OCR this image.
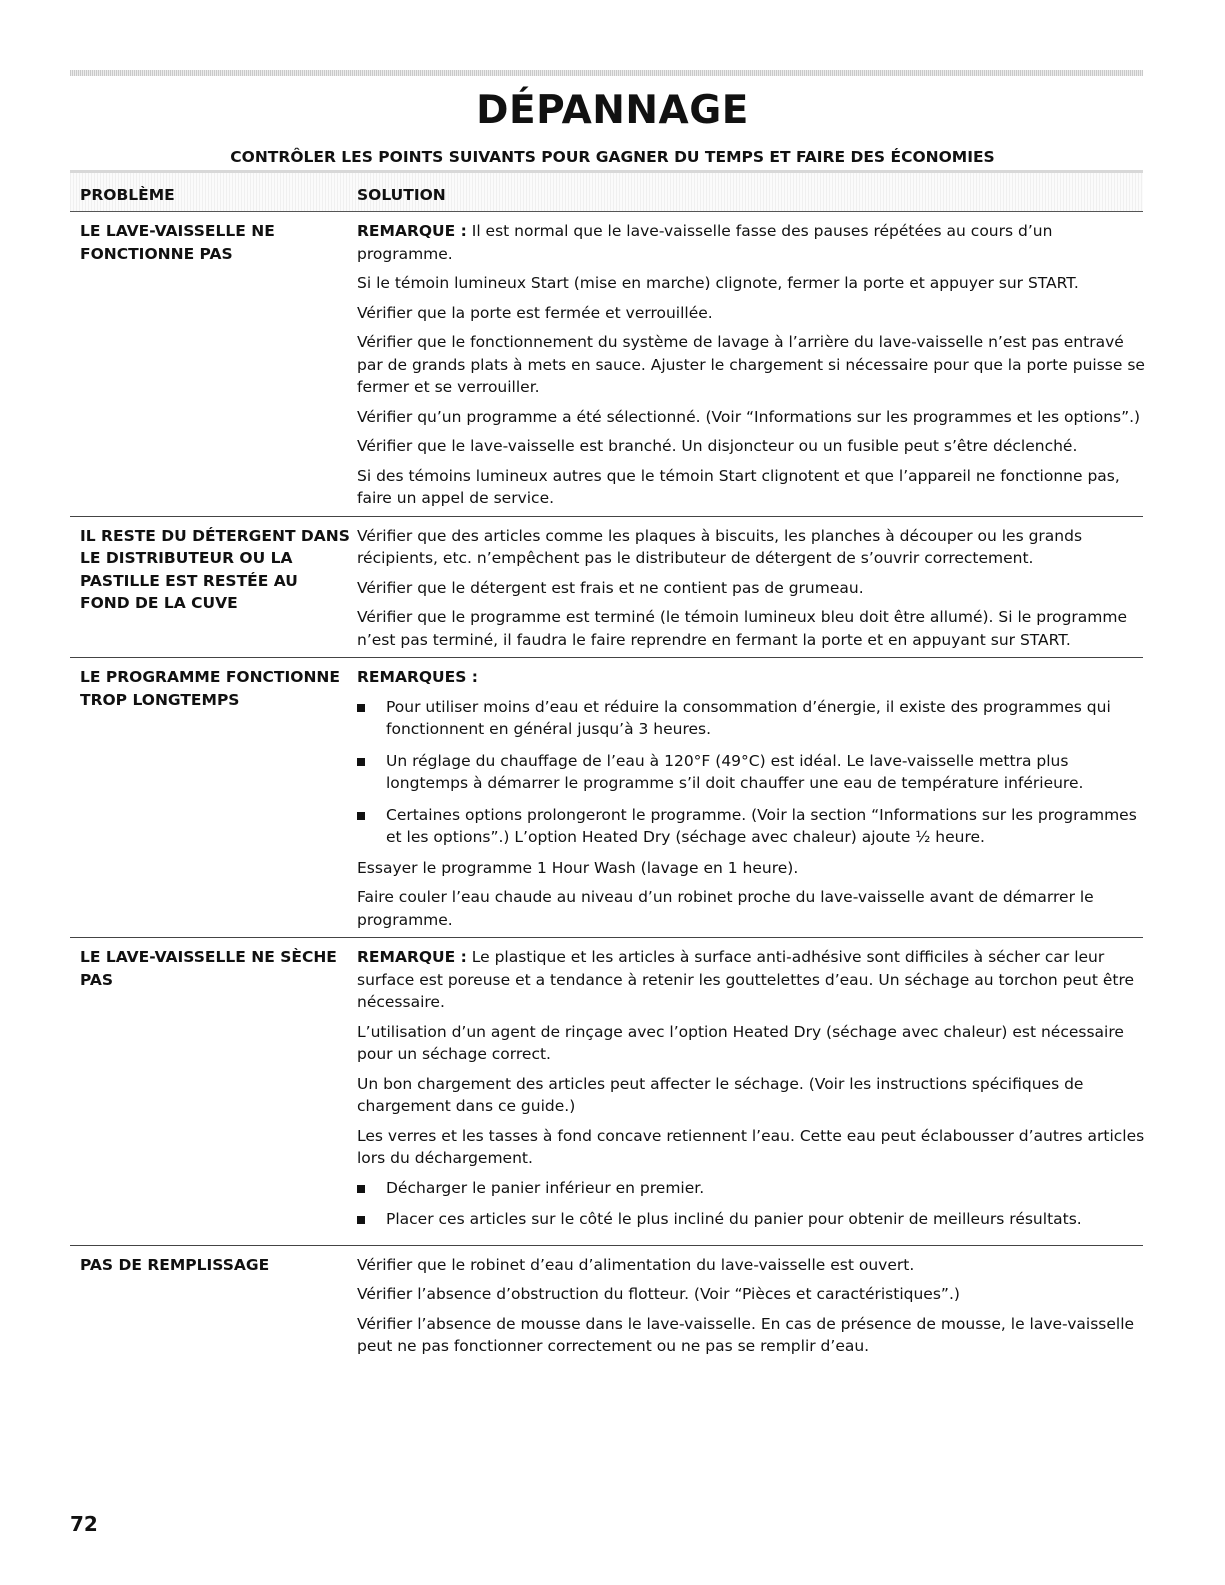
DÉPANNAGE
CONTRÔLER LES POINTS SUIVANTS POUR GAGNER DU TEMPS ET FAIRE DES ÉCONOMIES
PROBLÈME	SOLUTION
LE LAVE-VAISSELLE NE FONCTIONNE PAS

REMARQUE : Il est normal que le lave-vaisselle fasse des pauses répétées au cours d’un programme.

Si le témoin lumineux Start (mise en marche) clignote, fermer la porte et appuyer sur START.

Vérifier que la porte est fermée et verrouillée.

Vérifier que le fonctionnement du système de lavage à l’arrière du lave-vaisselle n’est pas entravé par de grands plats à mets en sauce. Ajuster le chargement si nécessaire pour que la porte puisse se fermer et se verrouiller.

Vérifier qu’un programme a été sélectionné. (Voir “Informations sur les programmes et les options”.)

Vérifier que le lave-vaisselle est branché. Un disjoncteur ou un fusible peut s’être déclenché.

Si des témoins lumineux autres que le témoin Start clignotent et que l’appareil ne fonctionne pas, faire un appel de service.

IL RESTE DU DÉTERGENT DANS LE DISTRIBUTEUR OU LA PASTILLE EST RESTÉE AU FOND DE LA CUVE

Vérifier que des articles comme les plaques à biscuits, les planches à découper ou les grands récipients, etc. n’empêchent pas le distributeur de détergent de s’ouvrir correctement.

Vérifier que le détergent est frais et ne contient pas de grumeau.

Vérifier que le programme est terminé (le témoin lumineux bleu doit être allumé). Si le programme n’est pas terminé, il faudra le faire reprendre en fermant la porte et en appuyant sur START.

LE PROGRAMME FONCTIONNE TROP LONGTEMPS

REMARQUES :

Pour utiliser moins d’eau et réduire la consommation d’énergie, il existe des programmes qui fonctionnent en général jusqu’à 3 heures.
Un réglage du chauffage de l’eau à 120°F (49°C) est idéal. Le lave-vaisselle mettra plus longtemps à démarrer le programme s’il doit chauffer une eau de température inférieure.
Certaines options prolongeront le programme. (Voir la section “Informations sur les programmes et les options”.) L’option Heated Dry (séchage avec chaleur) ajoute ½ heure.

Essayer le programme 1 Hour Wash (lavage en 1 heure).

Faire couler l’eau chaude au niveau d’un robinet proche du lave-vaisselle avant de démarrer le programme.

LE LAVE-VAISSELLE NE SÈCHE PAS

REMARQUE : Le plastique et les articles à surface anti-adhésive sont difficiles à sécher car leur surface est poreuse et a tendance à retenir les gouttelettes d’eau. Un séchage au torchon peut être nécessaire.

L’utilisation d’un agent de rinçage avec l’option Heated Dry (séchage avec chaleur) est nécessaire pour un séchage correct.

Un bon chargement des articles peut affecter le séchage. (Voir les instructions spécifiques de chargement dans ce guide.)

Les verres et les tasses à fond concave retiennent l’eau. Cette eau peut éclabousser d’autres articles lors du déchargement.

Décharger le panier inférieur en premier.
Placer ces articles sur le côté le plus incliné du panier pour obtenir de meilleurs résultats.
PAS DE REMPLISSAGE	Vérifier que le robinet d’eau d’alimentation du lave-vaisselle est ouvert.

Vérifier l’absence d’obstruction du flotteur. (Voir “Pièces et caractéristiques”.)

Vérifier l’absence de mousse dans le lave-vaisselle. En cas de présence de mousse, le lave-vaisselle peut ne pas fonctionner correctement ou ne pas se remplir d’eau.

72
